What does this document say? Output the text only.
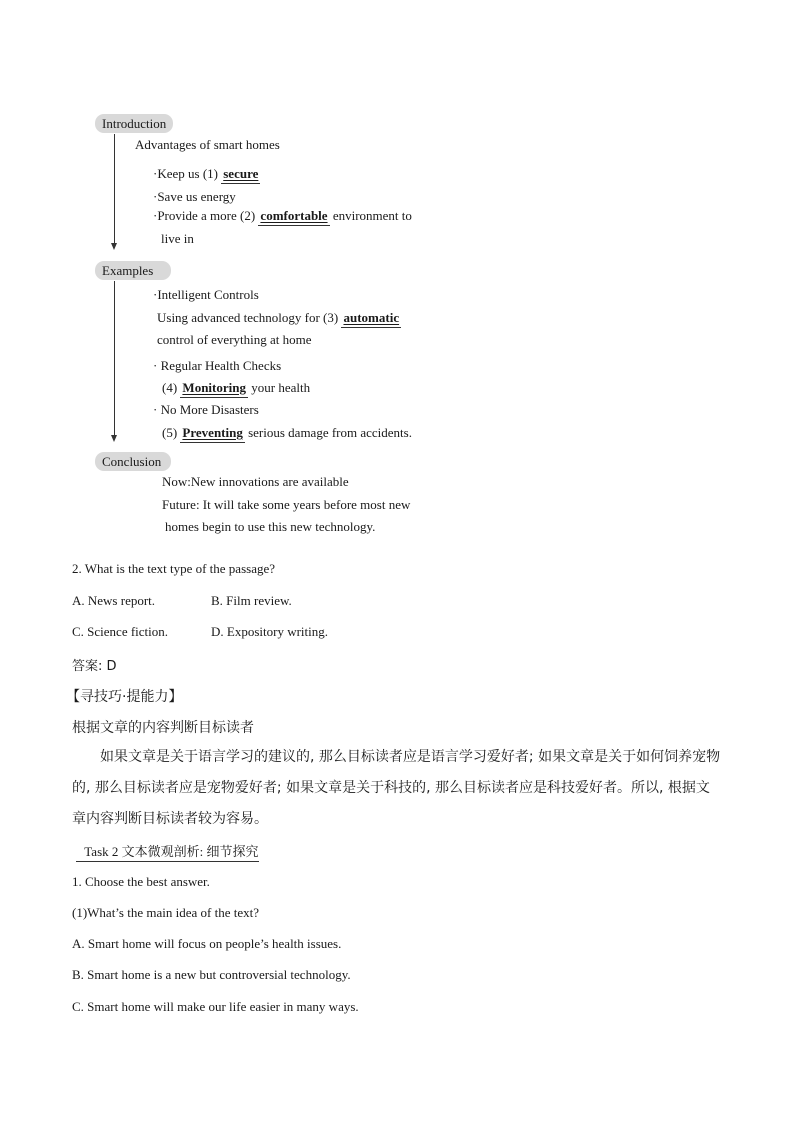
Introduction
Advantages of smart homes
·Keep us (1) secure
·Save us energy
·Provide a more (2) comfortable environment to
live in
Examples
·Intelligent Controls
Using advanced technology for (3) automatic
control of everything at home
· Regular Health Checks
(4) Monitoring your health
· No More Disasters
(5) Preventing serious damage from accidents.
Conclusion
Now:New innovations are available
Future: It will take some years before most new
homes begin to use this new technology.
2. What is the text type of the passage?
A. News report.	B. Film review.
C. Science fiction.	D. Expository writing.
答案: D
【寻技巧·提能力】
根据文章的内容判断目标读者
如果文章是关于语言学习的建议的, 那么目标读者应是语言学习爱好者; 如果文章是关于如何饲养宠物的, 那么目标读者应是宠物爱好者; 如果文章是关于科技的, 那么目标读者应是科技爱好者。所以, 根据文章内容判断目标读者较为容易。
Task 2 文本微观剖析: 细节探究
1. Choose the best answer.
(1)What’s the main idea of the text?
A. Smart home will focus on people’s health issues.
B. Smart home is a new but controversial technology.
C. Smart home will make our life easier in many ways.
